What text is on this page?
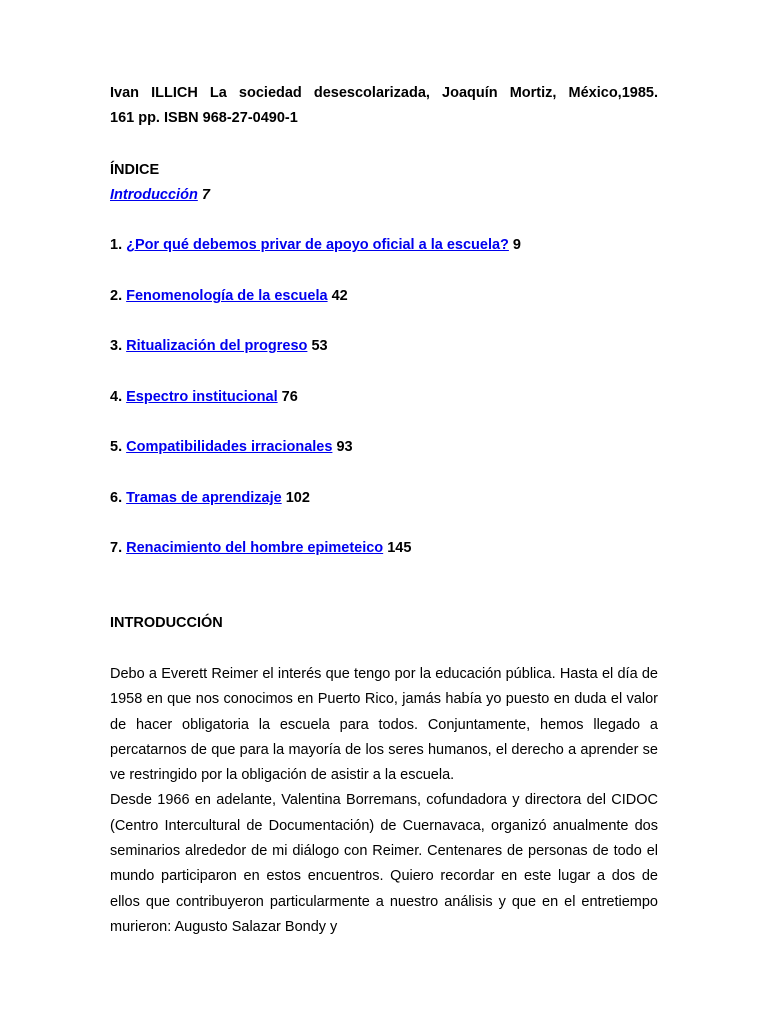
Ivan ILLICH La sociedad desescolarizada, Joaquín Mortiz, México,1985.

161 pp. ISBN 968-27-0490-1
ÍNDICE
Introducción 7
1. ¿Por qué debemos privar de apoyo oficial a la escuela? 9
2. Fenomenología de la escuela 42
3. Ritualización del progreso 53
4. Espectro institucional 76
5. Compatibilidades irracionales 93
6. Tramas de aprendizaje 102
7. Renacimiento del hombre epimeteico 145
INTRODUCCIÓN

Debo a Everett Reimer el interés que tengo por la educación pública. Hasta el día de 1958 en que nos conocimos en Puerto Rico, jamás había yo puesto en duda el valor de hacer obligatoria la escuela para todos. Conjuntamente, hemos llegado a percatarnos de que para la mayoría de los seres humanos, el derecho a aprender se ve restringido por la obligación de asistir a la escuela.

Desde 1966 en adelante, Valentina Borremans, cofundadora y directora del CIDOC (Centro Intercultural de Documentación) de Cuernavaca, organizó anualmente dos seminarios alrededor de mi diálogo con Reimer. Centenares de personas de todo el mundo participaron en estos encuentros. Quiero recordar en este lugar a dos de ellos que contribuyeron particularmente a nuestro análisis y que en el entretiempo murieron: Augusto Salazar Bondy y
